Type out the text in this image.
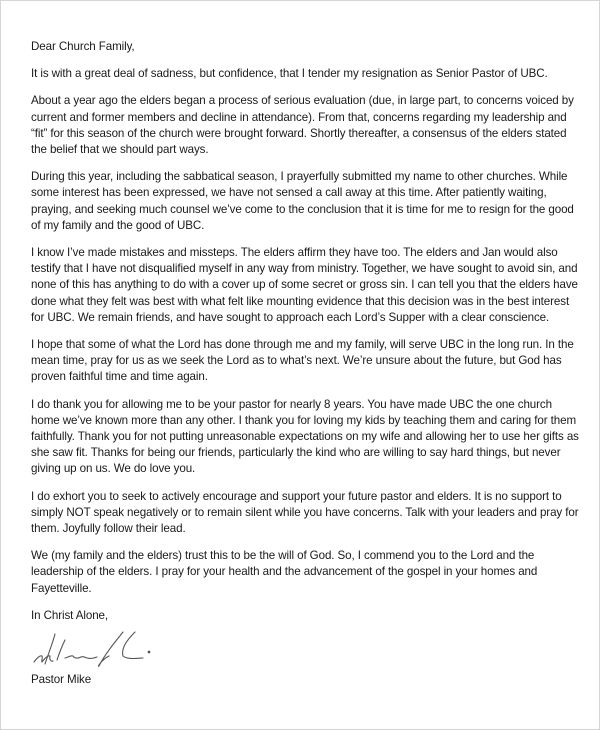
Dear Church Family,

It is with a great deal of sadness, but confidence, that I tender my resignation as Senior Pastor of UBC.

About a year ago the elders began a process of serious evaluation (due, in large part, to concerns voiced by current and former members and decline in attendance). From that, concerns regarding my leadership and “fit” for this season of the church were brought forward. Shortly thereafter, a consensus of the elders stated the belief that we should part ways.

During this year, including the sabbatical season, I prayerfully submitted my name to other churches. While some interest has been expressed, we have not sensed a call away at this time. After patiently waiting, praying, and seeking much counsel we’ve come to the conclusion that it is time for me to resign for the good of my family and the good of UBC.

I know I’ve made mistakes and missteps. The elders affirm they have too. The elders and Jan would also testify that I have not disqualified myself in any way from ministry. Together, we have sought to avoid sin, and none of this has anything to do with a cover up of some secret or gross sin. I can tell you that the elders have done what they felt was best with what felt like mounting evidence that this decision was in the best interest for UBC. We remain friends, and have sought to approach each Lord’s Supper with a clear conscience.

I hope that some of what the Lord has done through me and my family, will serve UBC in the long run. In the mean time, pray for us as we seek the Lord as to what’s next. We’re unsure about the future, but God has proven faithful time and time again.

I do thank you for allowing me to be your pastor for nearly 8 years. You have made UBC the one church home we’ve known more than any other. I thank you for loving my kids by teaching them and caring for them faithfully. Thank you for not putting unreasonable expectations on my wife and allowing her to use her gifts as she saw fit. Thanks for being our friends, particularly the kind who are willing to say hard things, but never giving up on us. We do love you.

I do exhort you to seek to actively encourage and support your future pastor and elders. It is no support to simply NOT speak negatively or to remain silent while you have concerns. Talk with your leaders and pray for them. Joyfully follow their lead.

We (my family and the elders) trust this to be the will of God. So, I commend you to the Lord and the leadership of the elders. I pray for your health and the advancement of the gospel in your homes and Fayetteville.

In Christ Alone,

Pastor Mike
